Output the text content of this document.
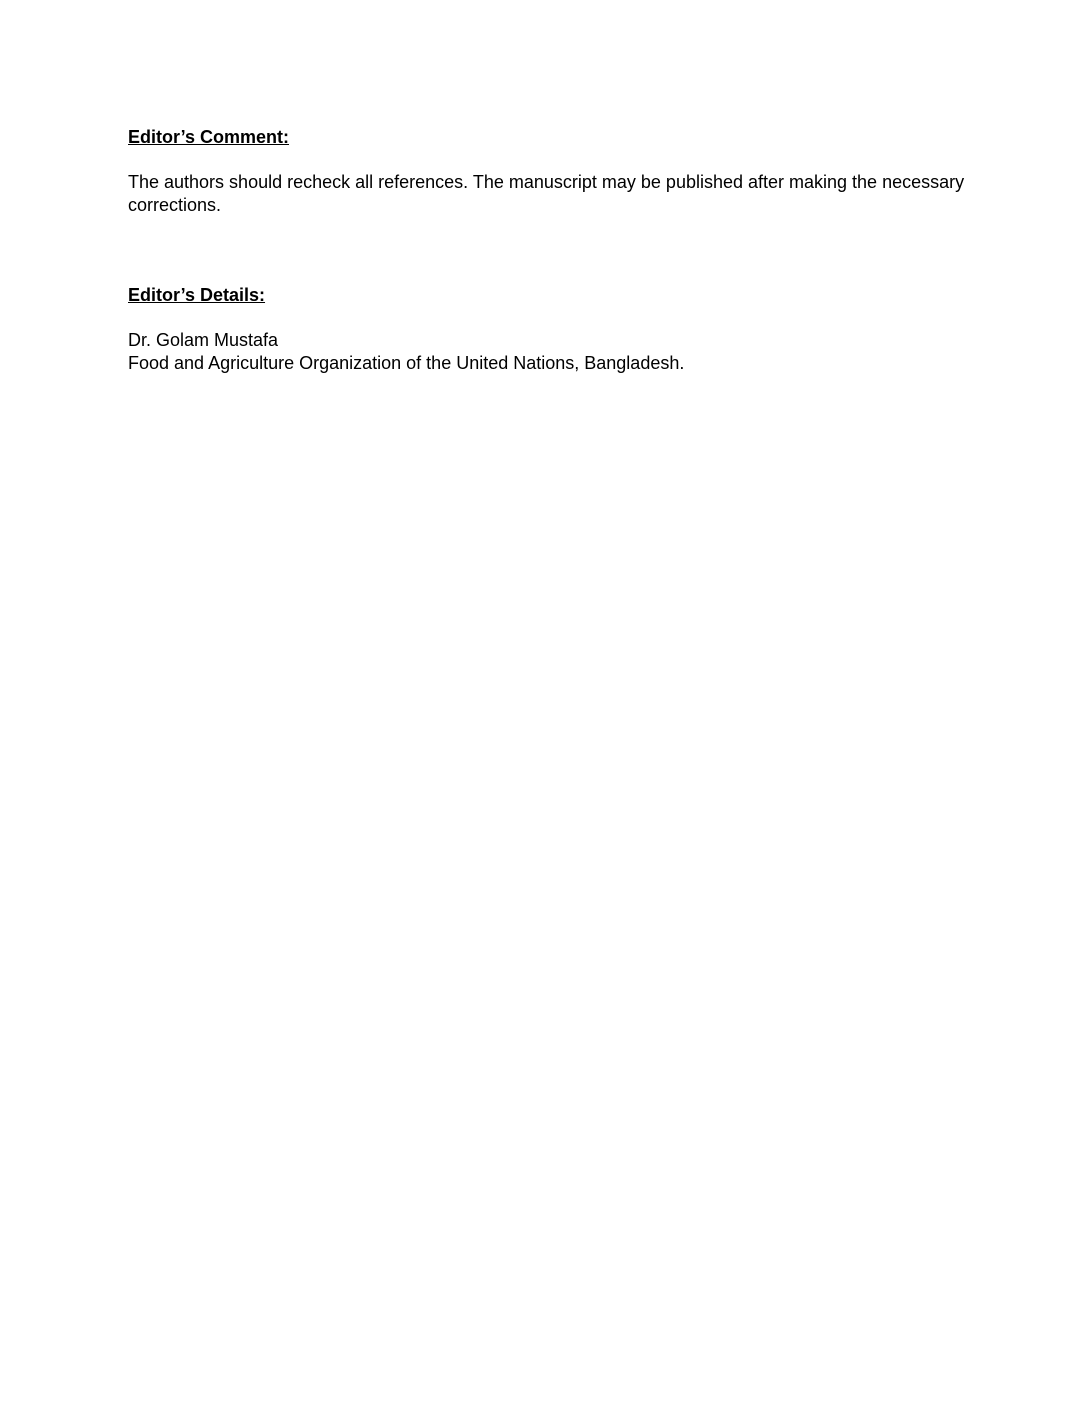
Editor’s Comment:

The authors should recheck all references. The manuscript may be published after making the necessary corrections.

Editor’s Details:

Dr. Golam Mustafa
Food and Agriculture Organization of the United Nations, Bangladesh.
